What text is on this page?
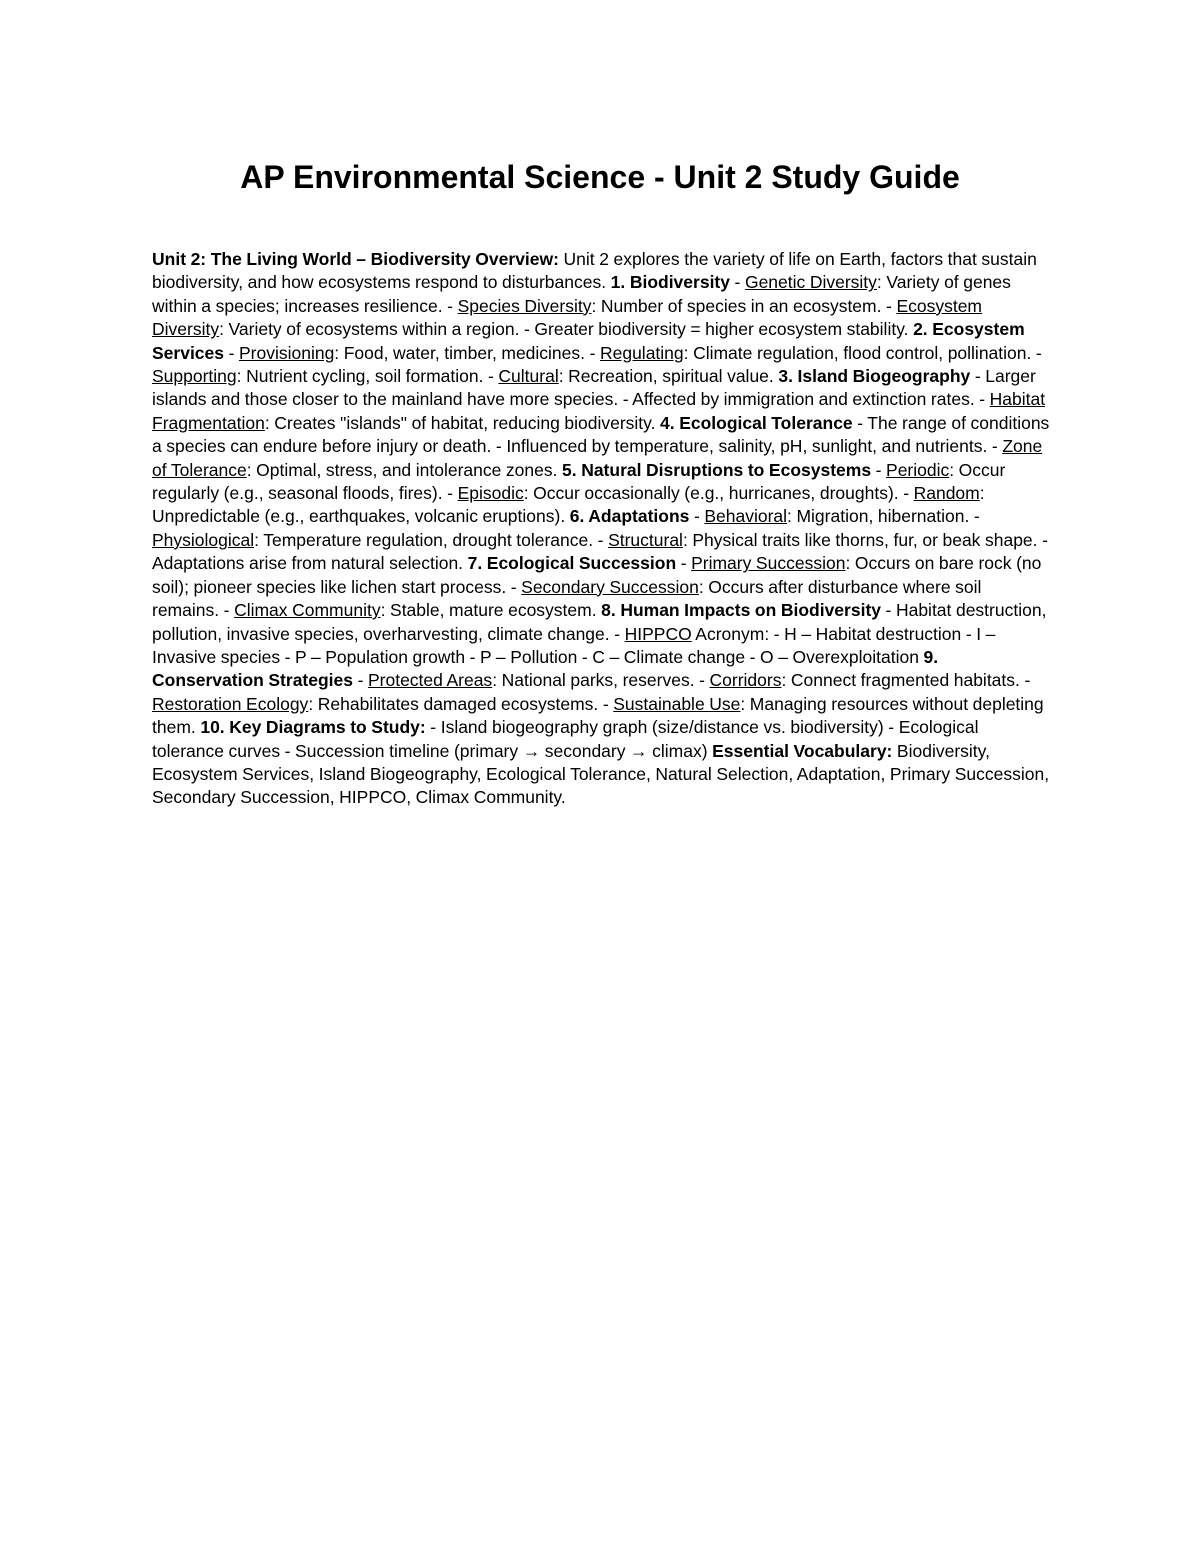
AP Environmental Science - Unit 2 Study Guide

Unit 2: The Living World – Biodiversity Overview: Unit 2 explores the variety of life on Earth, factors that sustain biodiversity, and how ecosystems respond to disturbances. 1. Biodiversity - Genetic Diversity: Variety of genes within a species; increases resilience. - Species Diversity: Number of species in an ecosystem. - Ecosystem Diversity: Variety of ecosystems within a region. - Greater biodiversity = higher ecosystem stability. 2. Ecosystem Services - Provisioning: Food, water, timber, medicines. - Regulating: Climate regulation, flood control, pollination. - Supporting: Nutrient cycling, soil formation. - Cultural: Recreation, spiritual value. 3. Island Biogeography - Larger islands and those closer to the mainland have more species. - Affected by immigration and extinction rates. - Habitat Fragmentation: Creates "islands" of habitat, reducing biodiversity. 4. Ecological Tolerance - The range of conditions a species can endure before injury or death. - Influenced by temperature, salinity, pH, sunlight, and nutrients. - Zone of Tolerance: Optimal, stress, and intolerance zones. 5. Natural Disruptions to Ecosystems - Periodic: Occur regularly (e.g., seasonal floods, fires). - Episodic: Occur occasionally (e.g., hurricanes, droughts). - Random: Unpredictable (e.g., earthquakes, volcanic eruptions). 6. Adaptations - Behavioral: Migration, hibernation. - Physiological: Temperature regulation, drought tolerance. - Structural: Physical traits like thorns, fur, or beak shape. - Adaptations arise from natural selection. 7. Ecological Succession - Primary Succession: Occurs on bare rock (no soil); pioneer species like lichen start process. - Secondary Succession: Occurs after disturbance where soil remains. - Climax Community: Stable, mature ecosystem. 8. Human Impacts on Biodiversity - Habitat destruction, pollution, invasive species, overharvesting, climate change. - HIPPCO Acronym: - H – Habitat destruction - I – Invasive species - P – Population growth - P – Pollution - C – Climate change - O – Overexploitation 9. Conservation Strategies - Protected Areas: National parks, reserves. - Corridors: Connect fragmented habitats. - Restoration Ecology: Rehabilitates damaged ecosystems. - Sustainable Use: Managing resources without depleting them. 10. Key Diagrams to Study: - Island biogeography graph (size/distance vs. biodiversity) - Ecological tolerance curves - Succession timeline (primary → secondary → climax) Essential Vocabulary: Biodiversity, Ecosystem Services, Island Biogeography, Ecological Tolerance, Natural Selection, Adaptation, Primary Succession, Secondary Succession, HIPPCO, Climax Community.
